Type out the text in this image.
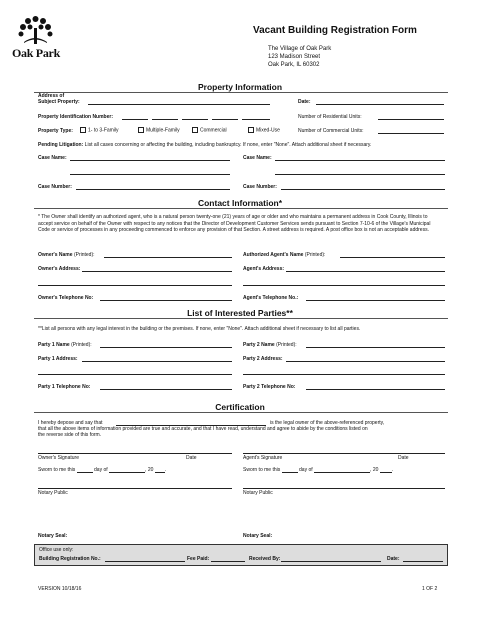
Oak Park
Vacant Building Registration Form
The Village of Oak Park
123 Madison Street
Oak Park, IL 60302
Property Information
Address of
Subject Property:	Date:
Property Identification Number:	Number of Residential Units:
Property Type:	1- to 3-Family	Multiple-Family	Commercial	Mixed-Use	Number of Commercial Units:
Pending Litigation: List all cases concerning or affecting the building, including bankruptcy. If none, enter "None". Attach additional sheet if necessary.
Case Name:	Case Name:
Case Number:	Case Number:
Contact Information*
* The Owner shall identify an authorized agent, who is a natural person twenty-one (21) years of age or older and who maintains a permanent address in Cook County, Illinois to accept service on behalf of the Owner with respect to any notices that the Director of Development Customer Services sends pursuant to Section 7-10-6 of the Village's Municipal Code or service of processes in any proceeding commenced to enforce any provision of that Section. A street address is required. A post office box is not an acceptable address.
Owner's Name (Printed):	Authorized Agent's Name (Printed):
Owner's Address:	Agent's Address:
Owner's Telephone No:	Agent's Telephone No.:
List of Interested Parties**
**List all persons with any legal interest in the building or the premises. If none, enter "None". Attach additional sheet if necessary to list all parties.
Party 1 Name (Printed):	Party 2 Name (Printed):
Party 1 Address:	Party 2 Address:
Party 1 Telephone No:	Party 2 Telephone No:
Certification
I hereby depose and say that	is the legal owner of the above-referenced property,
that all the above items of information provided are true and accurate, and that I have read, understand and agree to abide by the conditions listed on
the reverse side of this form.
Owner's Signature	Date	Agent's Signature	Date
Sworn to me this	day of	, 20 .	Sworn to me this	day of	, 20	.
Notary Public	Notary Public
Notary Seal:	Notary Seal:
Office use only:
Building Registration No.:	Fee Paid:	Received By:	Date:
VERSION 10/18/16	1 OF 2
